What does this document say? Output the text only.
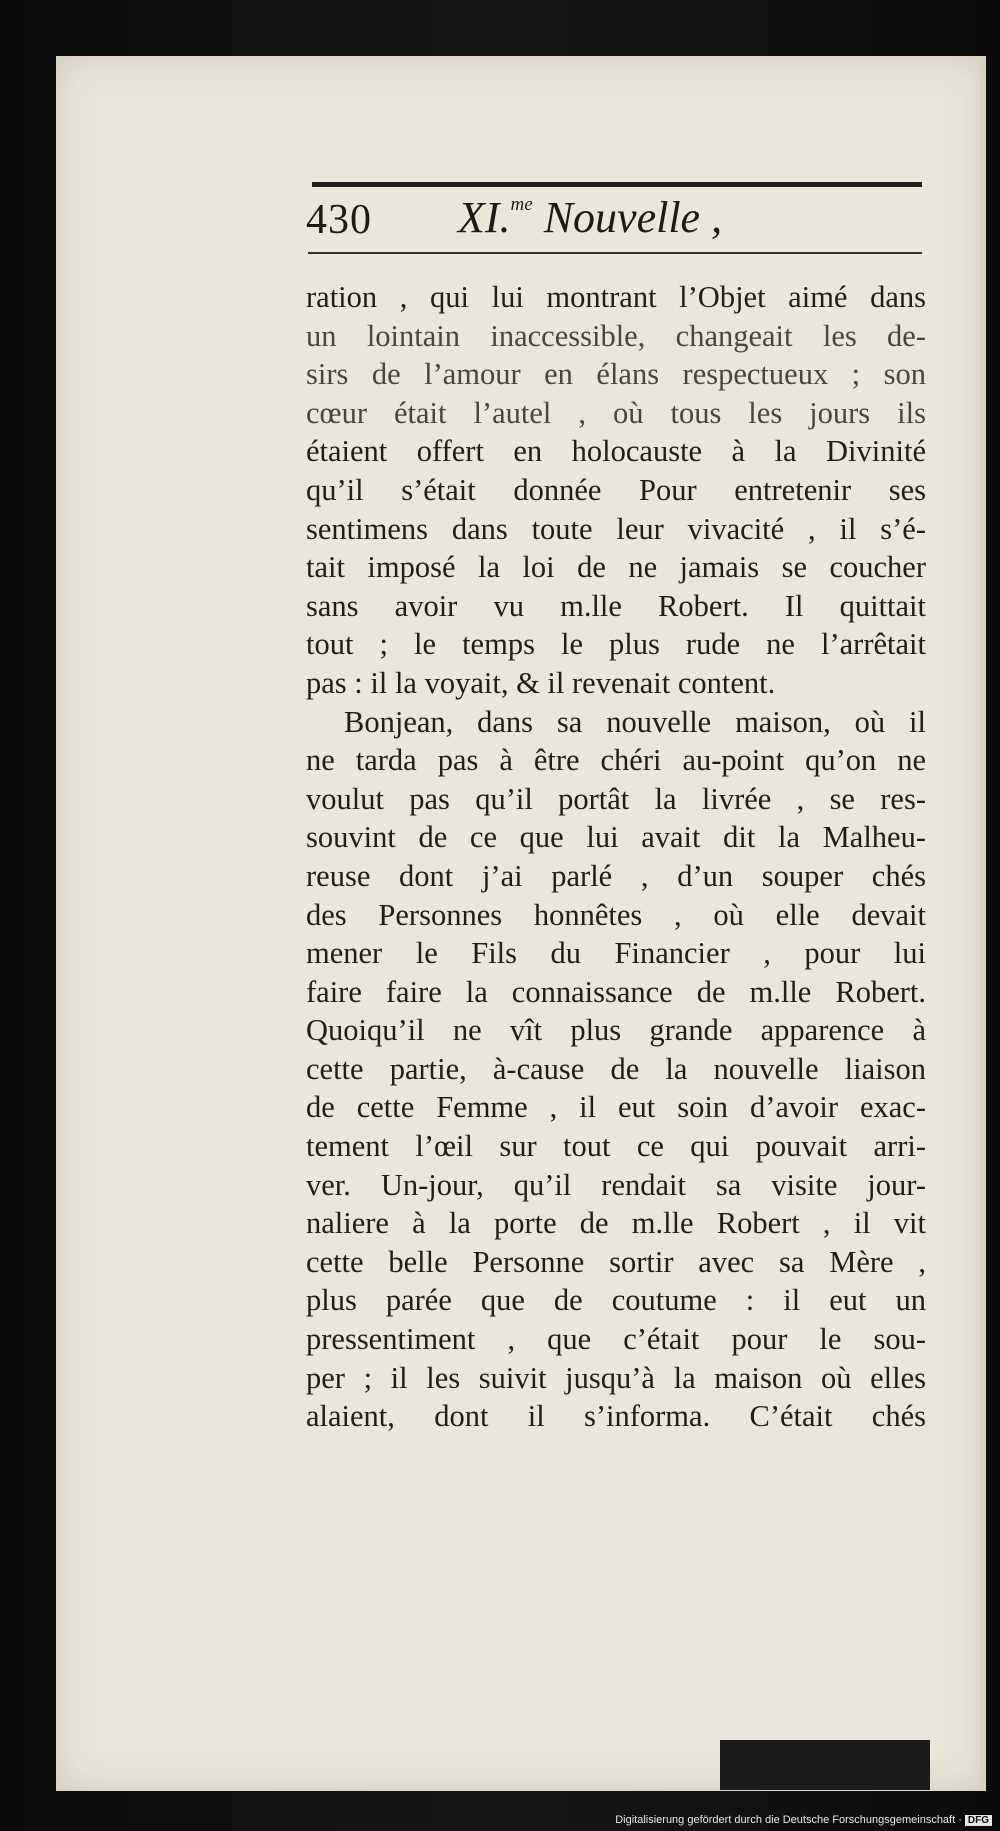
430 XI.$^{me}$ Nouvelle ,
ration , qui lui montrant l’Objet aimé dans
un lointain inaccessible, changeait les de-
sirs de l’amour en élans respectueux ; son
cœur était l’autel , où tous les jours ils
étaient offert en holocauste à la Divinité
qu’il s’était donnée Pour entretenir ses
sentimens dans toute leur vivacité , il s’é-
tait imposé la loi de ne jamais se coucher
sans avoir vu m.lle Robert. Il quittait
tout ; le temps le plus rude ne l’arrêtait
pas : il la voyait, & il revenait content.
Bonjean, dans sa nouvelle maison, où il
ne tarda pas à être chéri au-point qu’on ne
voulut pas qu’il portât la livrée , se res-
souvint de ce que lui avait dit la Malheu-
reuse dont j’ai parlé , d’un souper chés
des Personnes honnêtes , où elle devait
mener le Fils du Financier , pour lui
faire faire la connaissance de m.lle Robert.
Quoiqu’il ne vît plus grande apparence à
cette partie, à-cause de la nouvelle liaison
de cette Femme , il eut soin d’avoir exac-
tement l’œil sur tout ce qui pouvait arri-
ver. Un-jour, qu’il rendait sa visite jour-
naliere à la porte de m.lle Robert , il vit
cette belle Personne sortir avec sa Mère ,
plus parée que de coutume : il eut un
pressentiment , que c’était pour le sou-
per ; il les suivit jusqu’à la maison où elles
alaient, dont il s’informa. C’était chés
Digitalisierung gefördert durch die Deutsche Forschungsgemeinschaft · DFG
